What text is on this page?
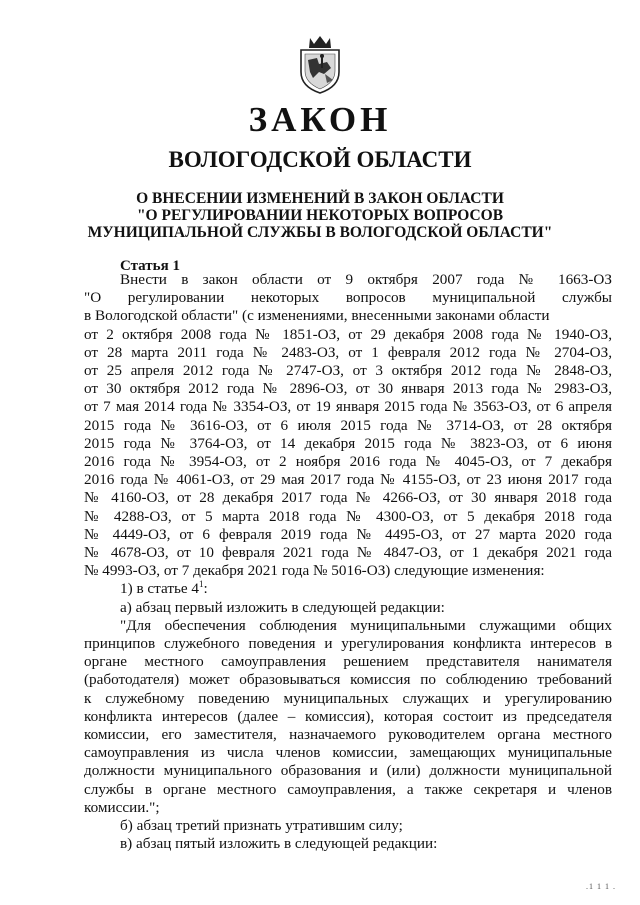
ЗАКОН
ВОЛОГОДСКОЙ ОБЛАСТИ
О ВНЕСЕНИИ ИЗМЕНЕНИЙ В ЗАКОН ОБЛАСТИ
"О РЕГУЛИРОВАНИИ НЕКОТОРЫХ ВОПРОСОВ
МУНИЦИПАЛЬНОЙ СЛУЖБЫ В ВОЛОГОДСКОЙ ОБЛАСТИ"
Статья 1
Внести в закон области от 9 октября 2007 года № 1663-ОЗ
"О регулировании некоторых вопросов муниципальной службы
в Вологодской области" (с изменениями, внесенными законами области
от 2 октября 2008 года № 1851-ОЗ, от 29 декабря 2008 года № 1940-ОЗ,
от 28 марта 2011 года № 2483-ОЗ, от 1 февраля 2012 года № 2704-ОЗ,
от 25 апреля 2012 года № 2747-ОЗ, от 3 октября 2012 года № 2848-ОЗ,
от 30 октября 2012 года № 2896-ОЗ, от 30 января 2013 года № 2983-ОЗ,
от 7 мая 2014 года № 3354-ОЗ, от 19 января 2015 года № 3563-ОЗ, от 6 апреля
2015 года № 3616-ОЗ, от 6 июля 2015 года № 3714-ОЗ, от 28 октября
2015 года № 3764-ОЗ, от 14 декабря 2015 года № 3823-ОЗ, от 6 июня
2016 года № 3954-ОЗ, от 2 ноября 2016 года № 4045-ОЗ, от 7 декабря
2016 года № 4061-ОЗ, от 29 мая 2017 года № 4155-ОЗ, от 23 июня 2017 года
№ 4160-ОЗ, от 28 декабря 2017 года № 4266-ОЗ, от 30 января 2018 года
№ 4288-ОЗ, от 5 марта 2018 года № 4300-ОЗ, от 5 декабря 2018 года
№ 4449-ОЗ, от 6 февраля 2019 года № 4495-ОЗ, от 27 марта 2020 года
№ 4678-ОЗ, от 10 февраля 2021 года № 4847-ОЗ, от 1 декабря 2021 года
№ 4993-ОЗ, от 7 декабря 2021 года № 5016-ОЗ) следующие изменения:
1) в статье $4^1$:
а) абзац первый изложить в следующей редакции:
"Для обеспечения соблюдения муниципальными служащими общих
принципов служебного поведения и урегулирования конфликта интересов в
органе местного самоуправления решением представителя нанимателя
(работодателя) может образовываться комиссия по соблюдению требований
к служебному поведению муниципальных служащих и урегулированию
конфликта интересов (далее – комиссия), которая состоит из председателя
комиссии, его заместителя, назначаемого руководителем органа местного
самоуправления из числа членов комиссии, замещающих муниципальные
должности муниципального образования и (или) должности муниципальной
службы в органе местного самоуправления, а также секретаря и членов
комиссии.";
б) абзац третий признать утратившим силу;
в) абзац пятый изложить в следующей редакции:
.1 1 1 .
